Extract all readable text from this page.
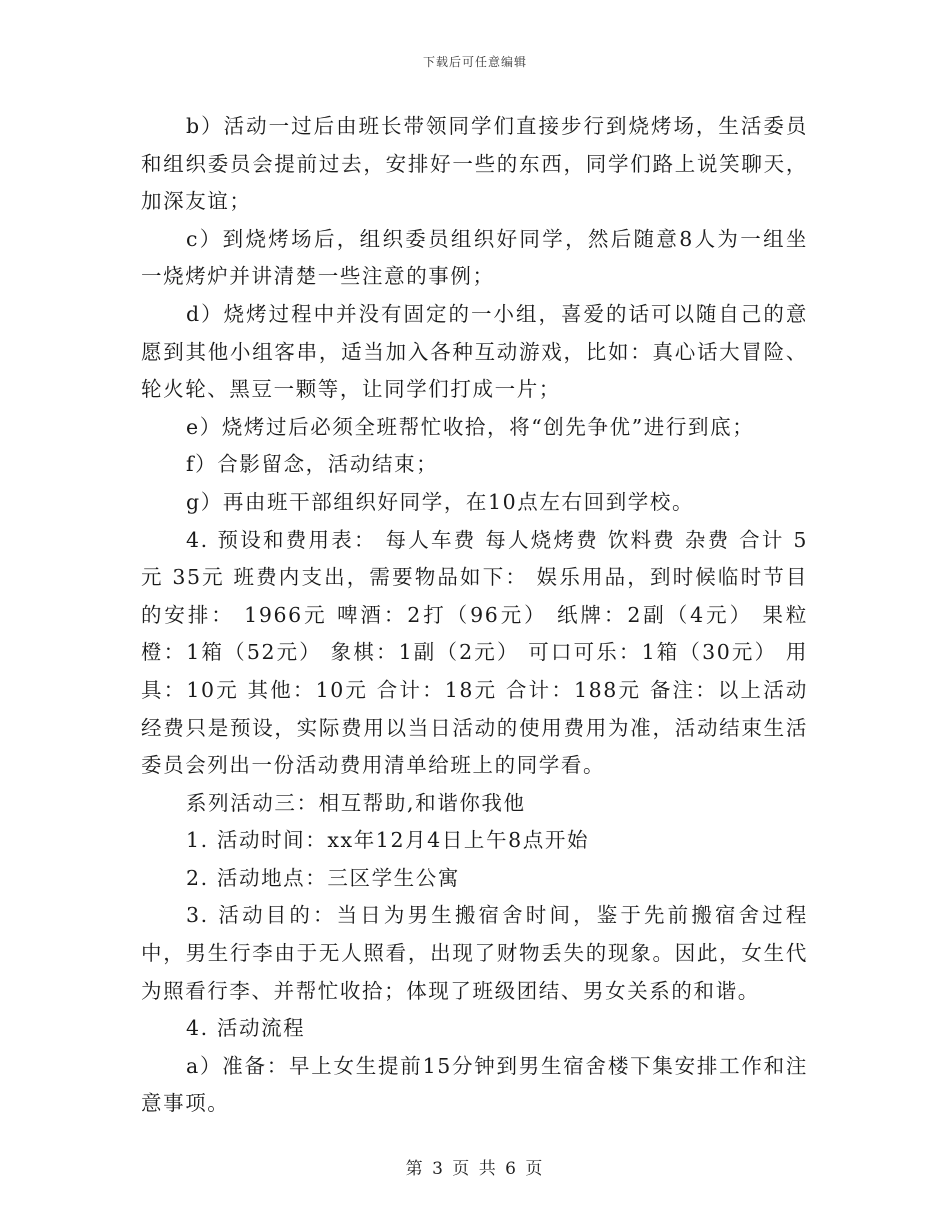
下载后可任意编辑

b）活动一过后由班长带领同学们直接步行到烧烤场，生活委员和组织委员会提前过去，安排好一些的东西，同学们路上说笑聊天，加深友谊；

c）到烧烤场后，组织委员组织好同学，然后随意8人为一组坐一烧烤炉并讲清楚一些注意的事例；

d）烧烤过程中并没有固定的一小组，喜爱的话可以随自己的意愿到其他小组客串，适当加入各种互动游戏，比如：真心话大冒险、轮火轮、黑豆一颗等，让同学们打成一片；

e）烧烤过后必须全班帮忙收拾，将“创先争优”进行到底；

f）合影留念，活动结束；

g）再由班干部组织好同学，在10点左右回到学校。

4. 预设和费用表： 每人车费 每人烧烤费 饮料费 杂费 合计 5元 35元 班费内支出，需要物品如下： 娱乐用品，到时候临时节目的安排： 1966元 啤酒：2打（96元） 纸牌：2副（4元） 果粒橙：1箱（52元） 象棋：1副（2元） 可口可乐：1箱（30元） 用具：10元 其他：10元 合计：18元 合计：188元 备注：以上活动经费只是预设，实际费用以当日活动的使用费用为准，活动结束生活委员会列出一份活动费用清单给班上的同学看。

系列活动三：相互帮助,和谐你我他

1. 活动时间：xx年12月4日上午8点开始

2. 活动地点：三区学生公寓

3. 活动目的：当日为男生搬宿舍时间，鉴于先前搬宿舍过程中，男生行李由于无人照看，出现了财物丢失的现象。因此，女生代为照看行李、并帮忙收拾；体现了班级团结、男女关系的和谐。

4. 活动流程

a）准备：早上女生提前15分钟到男生宿舍楼下集安排工作和注意事项。

第 3 页 共 6 页
